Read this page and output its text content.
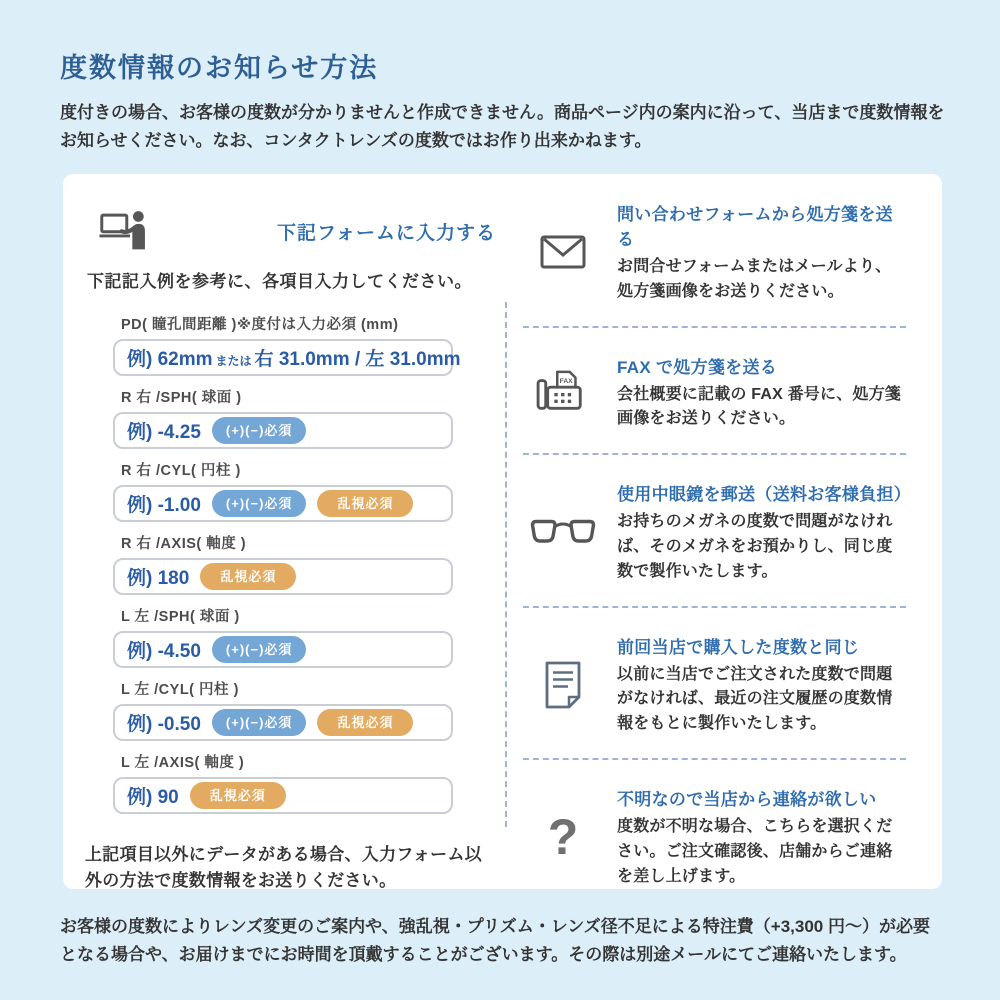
度数情報のお知らせ方法

度付きの場合、お客様の度数が分かりませんと作成できません。商品ページ内の案内に沿って、当店まで度数情報をお知らせください。なお、コンタクトレンズの度数ではお作り出来かねます。

下記フォームに入力する

下記記入例を参考に、各項目入力してください。

PD( 瞳孔間距離 )※度付は入力必須 (mm)
例) 62mm または 右 31.0mm / 左 31.0mm
R 右 /SPH( 球面 )
例) -4.25	(+)(−)必須
R 右 /CYL( 円柱 )
例) -1.00	(+)(−)必須	乱視必須
R 右 /AXIS( 軸度 )
例) 180	乱視必須
L 左 /SPH( 球面 )
例) -4.50	(+)(−)必須
L 左 /CYL( 円柱 )
例) -0.50	(+)(−)必須	乱視必須
L 左 /AXIS( 軸度 )
例) 90	乱視必須

上記項目以外にデータがある場合、入力フォーム以外の方法で度数情報をお送りください。

問い合わせフォームから処方箋を送る
お問合せフォームまたはメールより、処方箋画像をお送りください。
FAX
FAX で処方箋を送る
会社概要に記載の FAX 番号に、処方箋画像をお送りください。
使用中眼鏡を郵送（送料お客様負担）
お持ちのメガネの度数で問題がなければ、そのメガネをお預かりし、同じ度数で製作いたします。
前回当店で購入した度数と同じ
以前に当店でご注文された度数で問題がなければ、最近の注文履歴の度数情報をもとに製作いたします。
?
不明なので当店から連絡が欲しい
度数が不明な場合、こちらを選択ください。ご注文確認後、店舗からご連絡を差し上げます。

お客様の度数によりレンズ変更のご案内や、強乱視・プリズム・レンズ径不足による特注費（+3,300 円〜）が必要となる場合や、お届けまでにお時間を頂戴することがございます。その際は別途メールにてご連絡いたします。
